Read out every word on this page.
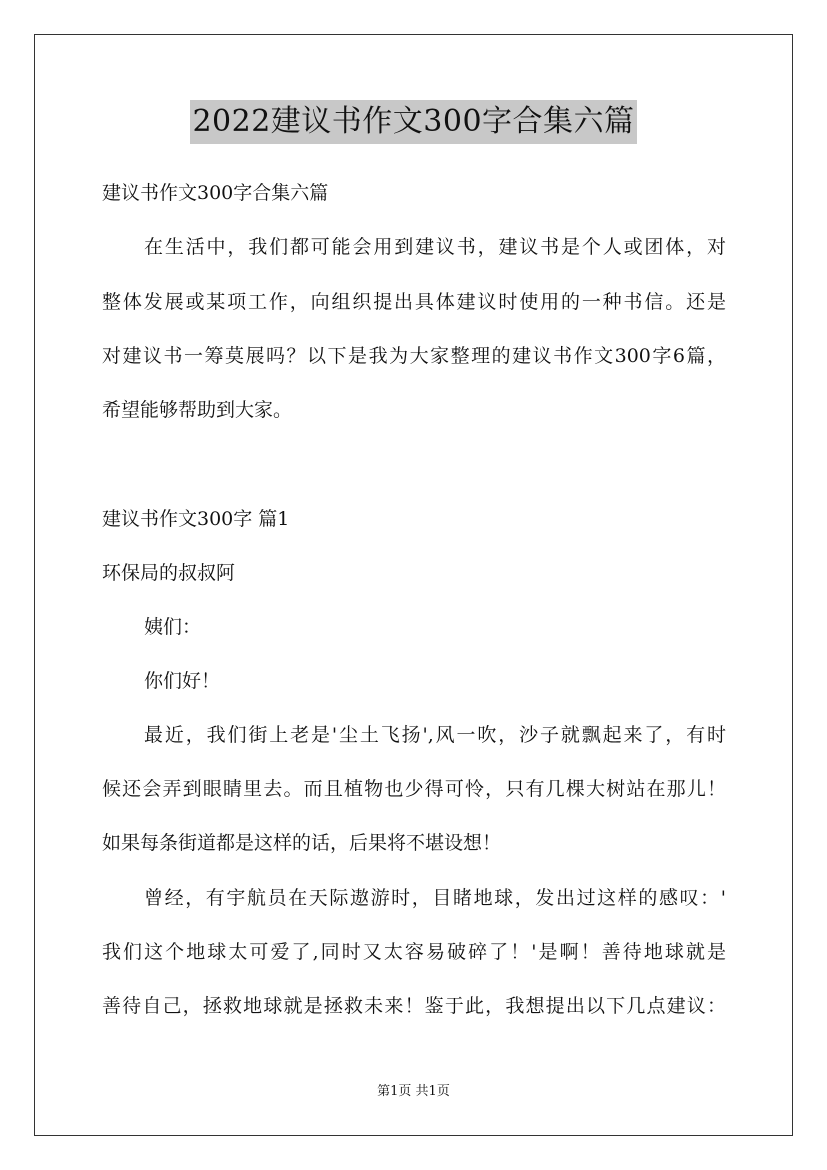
2022建议书作文300字合集六篇
建议书作文300字合集六篇
在生活中，我们都可能会用到建议书，建议书是个人或团体，对
整体发展或某项工作，向组织提出具体建议时使用的一种书信。还是
对建议书一筹莫展吗？以下是我为大家整理的建议书作文300字6篇，
希望能够帮助到大家。
建议书作文300字 篇1
环保局的叔叔阿
姨们：
你们好！
最近，我们街上老是'尘土飞扬',风一吹，沙子就飘起来了，有时
候还会弄到眼睛里去。而且植物也少得可怜，只有几棵大树站在那儿！
如果每条街道都是这样的话，后果将不堪设想！
曾经，有宇航员在天际遨游时，目睹地球，发出过这样的感叹：'
我们这个地球太可爱了,同时又太容易破碎了！'是啊！善待地球就是
善待自己，拯救地球就是拯救未来！鉴于此，我想提出以下几点建议：
第1页 共1页
